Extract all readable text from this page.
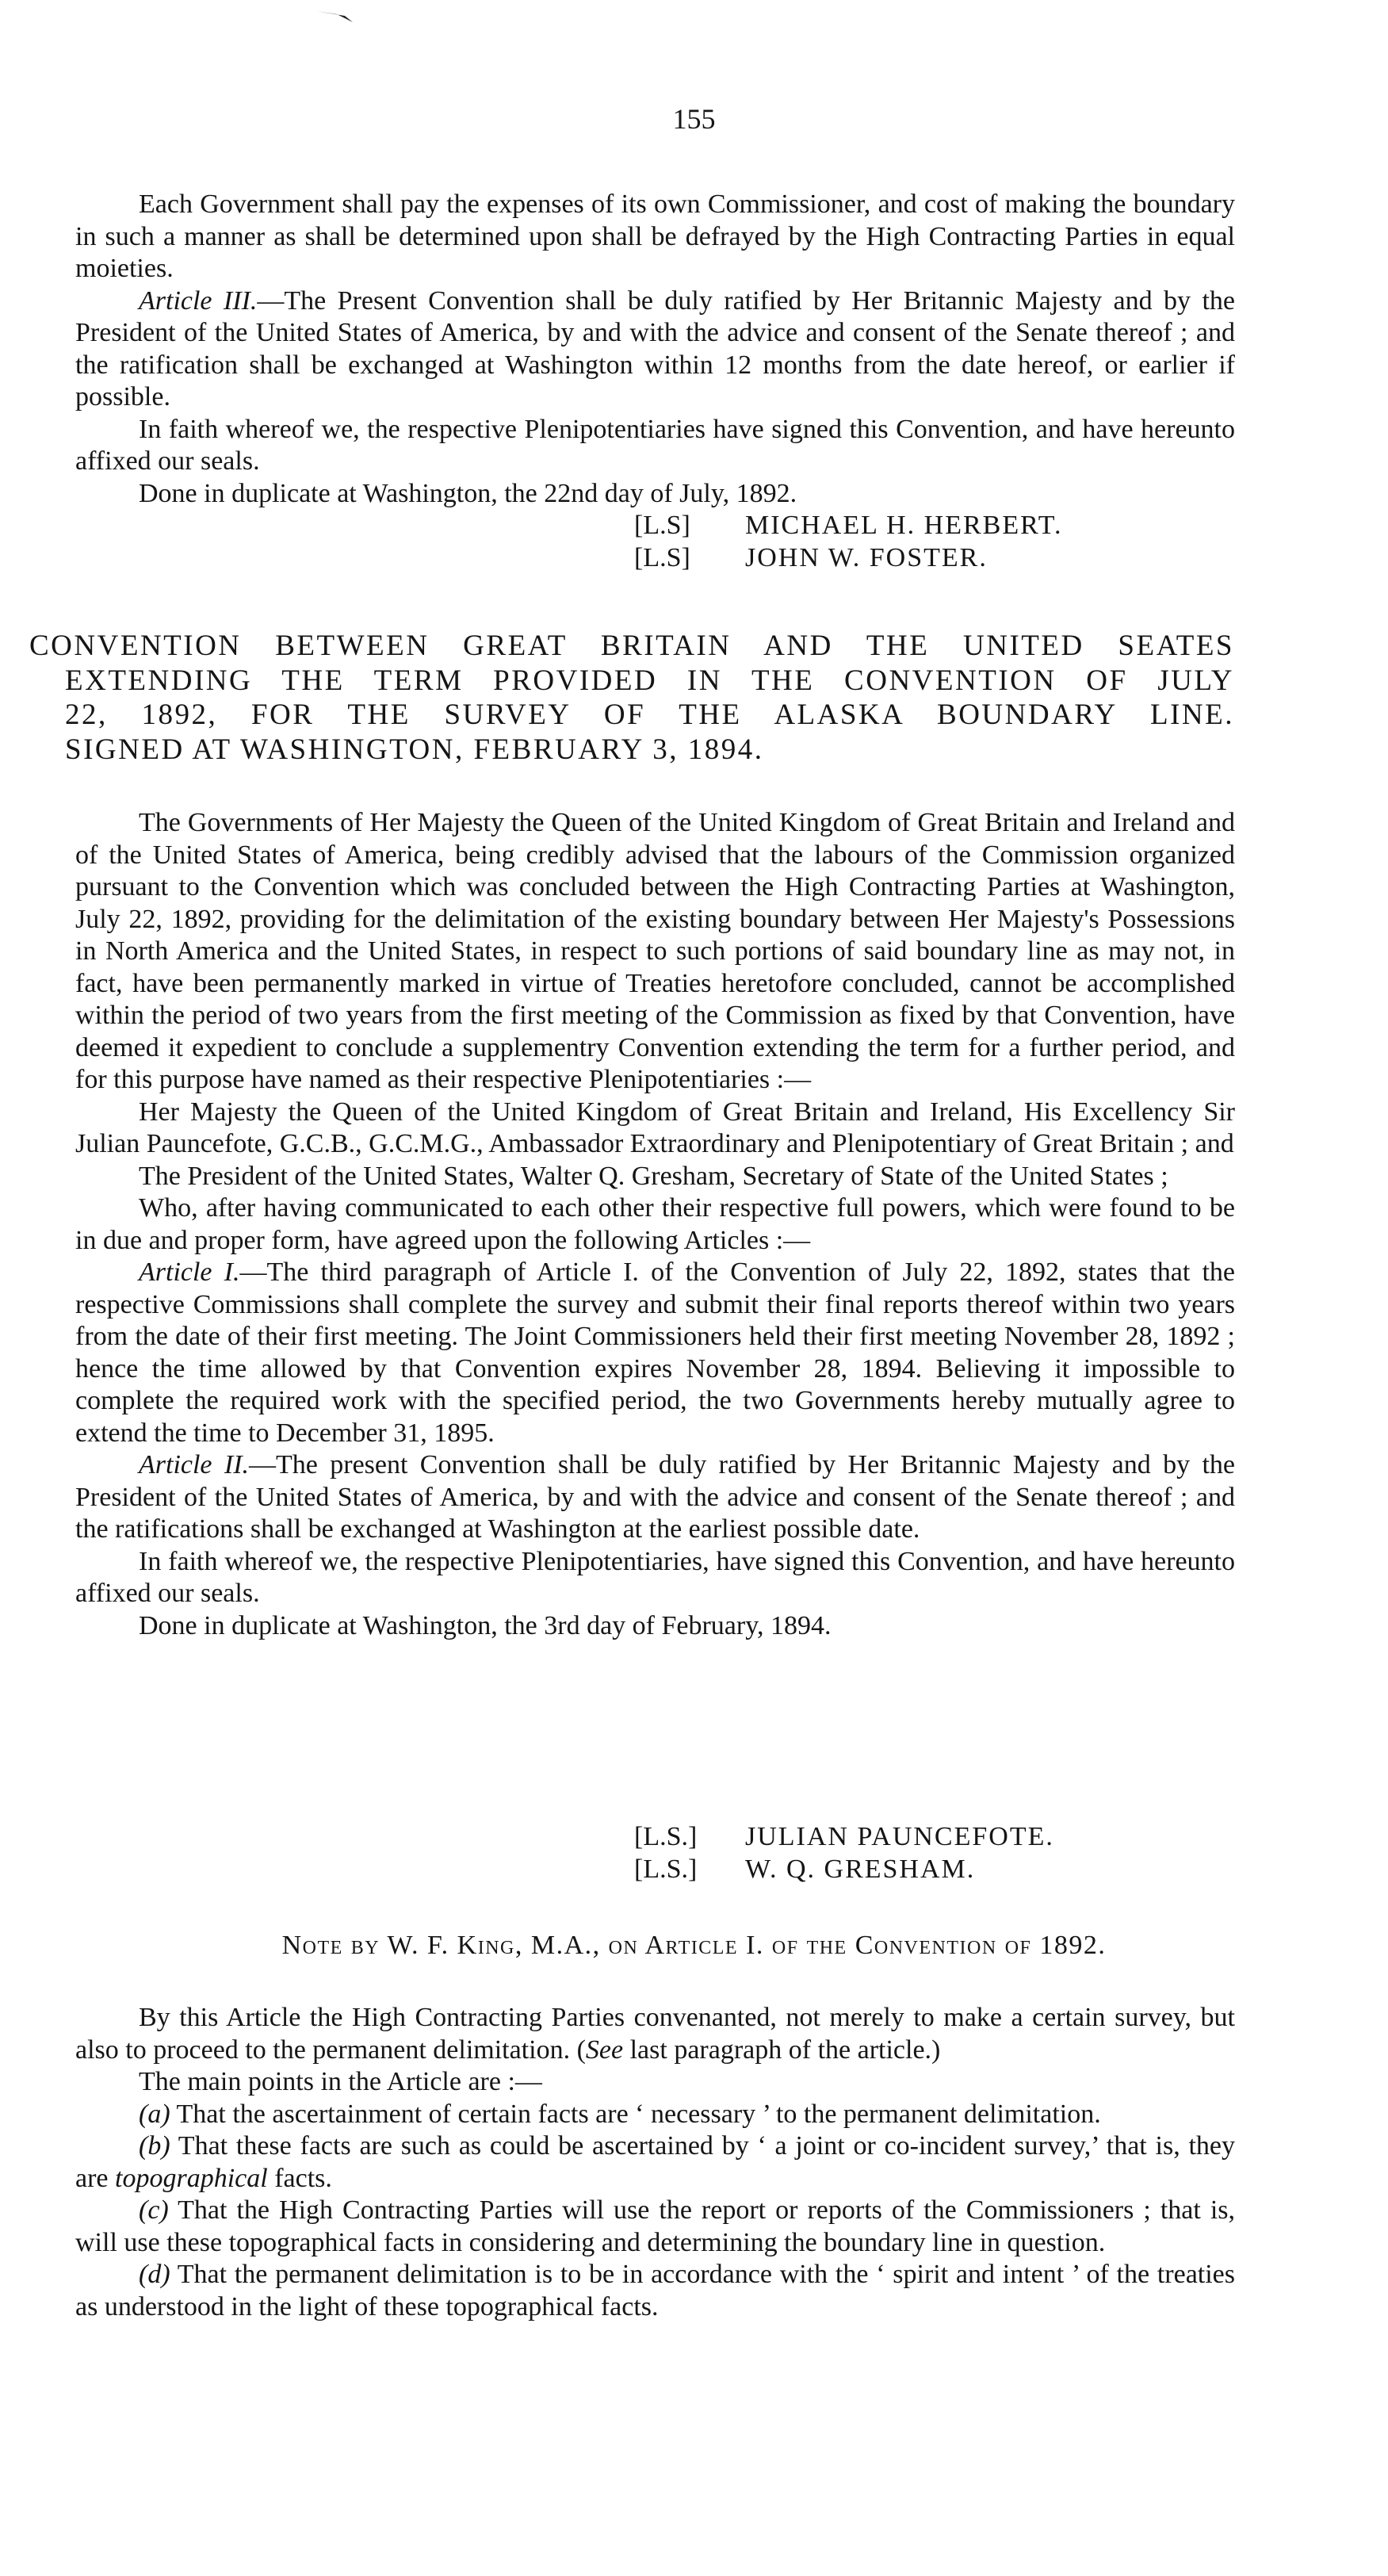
155

Each Government shall pay the expenses of its own Commissioner, and cost of making the boundary in such a manner as shall be determined upon shall be defrayed by the High Contracting Parties in equal moieties.

Article III.—The Present Convention shall be duly ratified by Her Britannic Majesty and by the President of the United States of America, by and with the advice and consent of the Senate thereof ; and the ratification shall be exchanged at Washington within 12 months from the date hereof, or earlier if possible.

In faith whereof we, the respective Plenipotentiaries have signed this Convention, and have hereunto affixed our seals.

Done in duplicate at Washington, the 22nd day of July, 1892.

[L.S]	MICHAEL H. HERBERT.
[L.S]	JOHN W. FOSTER.
CONVENTION BETWEEN GREAT BRITAIN AND THE UNITED SEATES
EXTENDING THE TERM PROVIDED IN THE CONVENTION OF JULY
22, 1892, FOR THE SURVEY OF THE ALASKA BOUNDARY LINE.
SIGNED AT WASHINGTON, FEBRUARY 3, 1894.

The Governments of Her Majesty the Queen of the United Kingdom of Great Britain and Ireland and of the United States of America, being credibly advised that the labours of the Commission organized pursuant to the Convention which was concluded between the High Contracting Parties at Washington, July 22, 1892, providing for the delimitation of the existing boundary between Her Majesty's Possessions in North America and the United States, in respect to such portions of said boundary line as may not, in fact, have been permanently marked in virtue of Treaties heretofore concluded, cannot be accomplished within the period of two years from the first meeting of the Commission as fixed by that Convention, have deemed it expedient to conclude a supplementry Convention extending the term for a further period, and for this purpose have named as their respective Plenipotentiaries :—

Her Majesty the Queen of the United Kingdom of Great Britain and Ireland, His Excellency Sir Julian Pauncefote, G.C.B., G.C.M.G., Ambassador Extraordinary and Plenipotentiary of Great Britain ; and

The President of the United States, Walter Q. Gresham, Secretary of State of the United States ;

Who, after having communicated to each other their respective full powers, which were found to be in due and proper form, have agreed upon the following Articles :—

Article I.—The third paragraph of Article I. of the Convention of July 22, 1892, states that the respective Commissions shall complete the survey and submit their final reports thereof within two years from the date of their first meeting. The Joint Commissioners held their first meeting November 28, 1892 ; hence the time allowed by that Convention expires November 28, 1894. Believing it impossible to complete the required work with the specified period, the two Governments hereby mutually agree to extend the time to December 31, 1895.

Article II.—The present Convention shall be duly ratified by Her Britannic Majesty and by the President of the United States of America, by and with the advice and consent of the Senate thereof ; and the ratifications shall be exchanged at Washington at the earliest possible date.

In faith whereof we, the respective Plenipotentiaries, have signed this Convention, and have hereunto affixed our seals.

Done in duplicate at Washington, the 3rd day of February, 1894.

[L.S.]	JULIAN PAUNCEFOTE.
[L.S.]	W. Q. GRESHAM.
Note by W. F. King, M.A., on Article I. of the Convention of 1892.

By this Article the High Contracting Parties convenanted, not merely to make a certain survey, but also to proceed to the permanent delimitation. (See last paragraph of the article.)

The main points in the Article are :—

(a) That the ascertainment of certain facts are ‘ necessary ’ to the permanent delimitation.

(b) That these facts are such as could be ascertained by ‘ a joint or co-incident survey,’ that is, they are topographical facts.

(c) That the High Contracting Parties will use the report or reports of the Commissioners ; that is, will use these topographical facts in considering and determining the boundary line in question.

(d) That the permanent delimitation is to be in accordance with the ‘ spirit and intent ’ of the treaties as understood in the light of these topographical facts.
